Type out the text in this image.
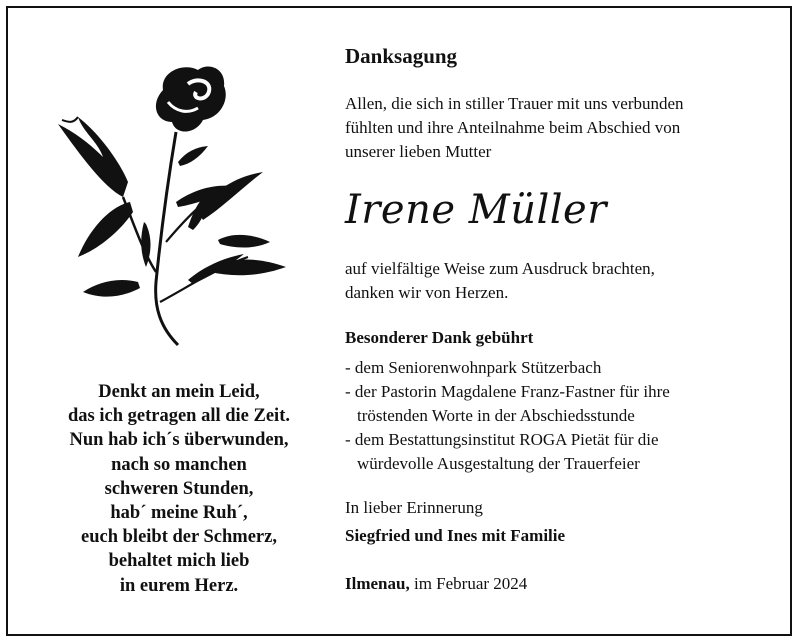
Denkt an mein Leid,
das ich getragen all die Zeit.
Nun hab ich´s überwunden,
nach so manchen
schweren Stunden,
hab´ meine Ruh´,
euch bleibt der Schmerz,
behaltet mich lieb
in eurem Herz.
Danksagung
Allen, die sich in stiller Trauer mit uns verbunden
fühlten und ihre Anteilnahme beim Abschied von
unserer lieben Mutter
Irene Müller
auf vielfältige Weise zum Ausdruck brachten,
danken wir von Herzen.
Besonderer Dank gebührt
- dem Seniorenwohnpark Stützerbach
- der Pastorin Magdalene Franz-Fastner für ihre
tröstenden Worte in der Abschiedsstunde
- dem Bestattungsinstitut ROGA Pietät für die
würdevolle Ausgestaltung der Trauerfeier
In lieber Erinnerung
Siegfried und Ines mit Familie
Ilmenau, im Februar 2024
